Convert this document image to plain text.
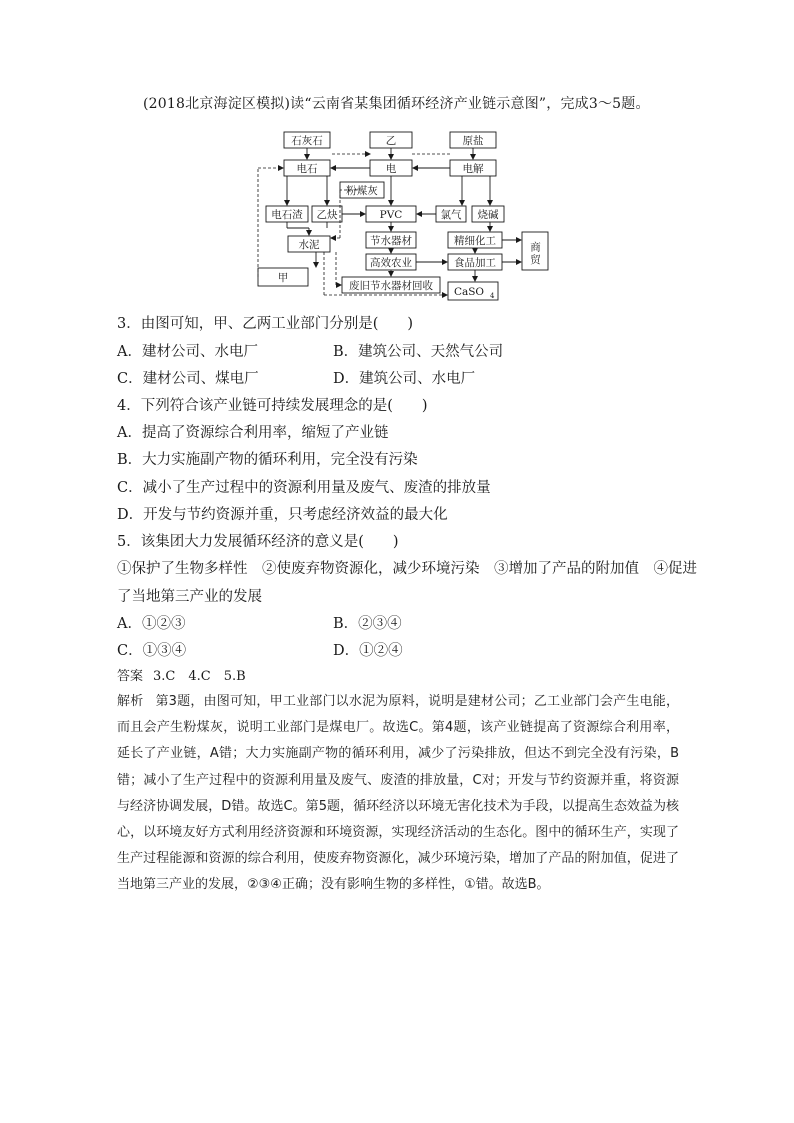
(2018北京海淀区模拟)读“云南省某集团循环经济产业链示意图”，完成3～5题。
石灰石	乙	原盐
电石	电	电解
粉煤灰
电石渣 乙炔	PVC	氯气 烧碱
水泥	节水器材	精细化工
商贸
甲
高效农业	食品加工
废旧节水器材回收 CaSO 4
3．由图可知，甲、乙两工业部门分别是(　　)
A．建材公司、水电厂	B．建筑公司、天然气公司
C．建材公司、煤电厂	D．建筑公司、水电厂
4．下列符合该产业链可持续发展理念的是(　　)
A．提高了资源综合利用率，缩短了产业链
B．大力实施副产物的循环利用，完全没有污染
C．减小了生产过程中的资源利用量及废气、废渣的排放量
D．开发与节约资源并重，只考虑经济效益的最大化
5．该集团大力发展循环经济的意义是(　　)
①保护了生物多样性　②使废弃物资源化，减少环境污染　③增加了产品的附加值　④促进
了当地第三产业的发展
A．①②③	B．②③④
C．①③④	D．①②④
答案 3.C　4.C　5.B
解析 第3题，由图可知，甲工业部门以水泥为原料，说明是建材公司；乙工业部门会产生电能，而且会产生粉煤灰，说明工业部门是煤电厂。故选C。第4题，该产业链提高了资源综合利用率，延长了产业链，A错；大力实施副产物的循环利用，减少了污染排放，但达不到完全没有污染，B错；减小了生产过程中的资源利用量及废气、废渣的排放量，C对；开发与节约资源并重，将资源与经济协调发展，D错。故选C。第5题，循环经济以环境无害化技术为手段，以提高生态效益为核心，以环境友好方式利用经济资源和环境资源，实现经济活动的生态化。图中的循环生产，实现了生产过程能源和资源的综合利用，使废弃物资源化，减少环境污染，增加了产品的附加值，促进了当地第三产业的发展，②③④正确；没有影响生物的多样性，①错。故选B。
